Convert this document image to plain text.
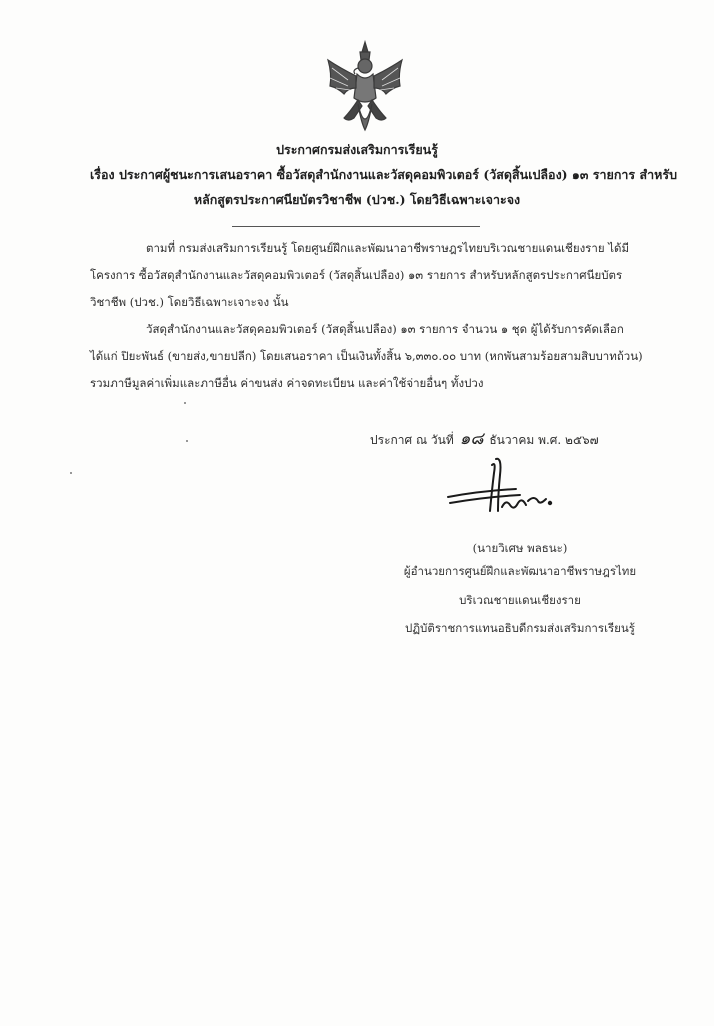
ประกาศกรมส่งเสริมการเรียนรู้
เรื่อง ประกาศผู้ชนะการเสนอราคา ซื้อวัสดุสำนักงานและวัสดุคอมพิวเตอร์ (วัสดุสิ้นเปลือง) ๑๓ รายการ สำหรับ
หลักสูตรประกาศนียบัตรวิชาชีพ (ปวช.) โดยวิธีเฉพาะเจาะจง
ตามที่ กรมส่งเสริมการเรียนรู้ โดยศูนย์ฝึกและพัฒนาอาชีพราษฎรไทยบริเวณชายแดนเชียงราย ได้มี
โครงการ ซื้อวัสดุสำนักงานและวัสดุคอมพิวเตอร์ (วัสดุสิ้นเปลือง) ๑๓ รายการ สำหรับหลักสูตรประกาศนียบัตร
วิชาชีพ (ปวช.) โดยวิธีเฉพาะเจาะจง นั้น
วัสดุสำนักงานและวัสดุคอมพิวเตอร์ (วัสดุสิ้นเปลือง) ๑๓ รายการ จำนวน ๑ ชุด ผู้ได้รับการคัดเลือก
ได้แก่ ปิยะพันธ์ (ขายส่ง,ขายปลีก) โดยเสนอราคา เป็นเงินทั้งสิ้น ๖,๓๓๐.๐๐ บาท (หกพันสามร้อยสามสิบบาทถ้วน)
รวมภาษีมูลค่าเพิ่มและภาษีอื่น ค่าขนส่ง ค่าจดทะเบียน และค่าใช้จ่ายอื่นๆ ทั้งปวง
ประกาศ ณ วันที่ ๑๘ ธันวาคม พ.ศ. ๒๕๖๗
(นายวิเศษ พลธนะ)
ผู้อำนวยการศูนย์ฝึกและพัฒนาอาชีพราษฎรไทย
บริเวณชายแดนเชียงราย
ปฏิบัติราชการแทนอธิบดีกรมส่งเสริมการเรียนรู้
